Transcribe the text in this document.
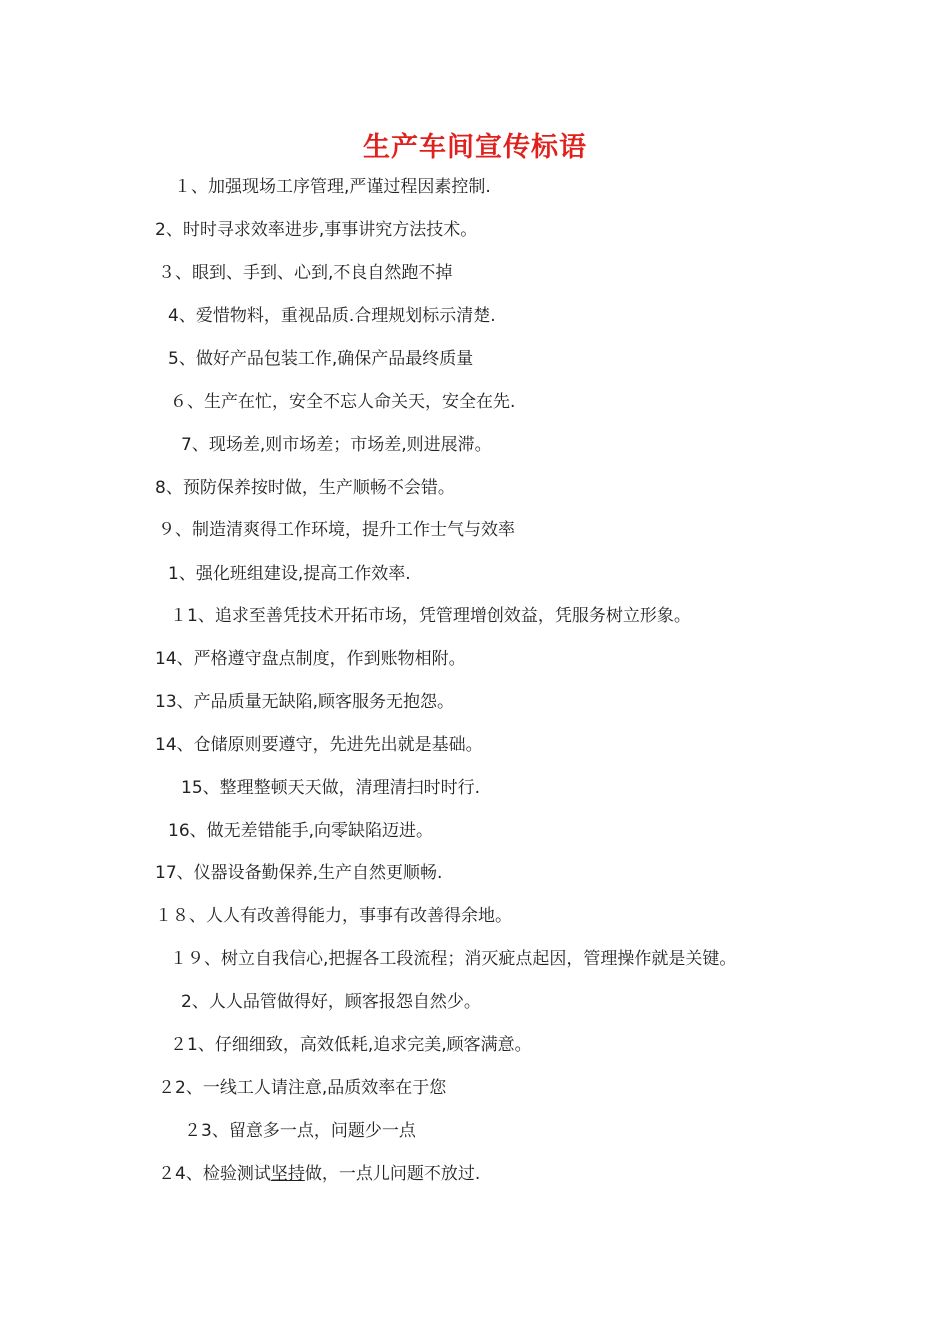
生产车间宣传标语
１、加强现场工序管理,严谨过程因素控制.
2、时时寻求效率进步,事事讲究方法技术。
３、眼到、手到、心到,不良自然跑不掉
4、爱惜物料，重视品质.合理规划标示清楚.
5、做好产品包装工作,确保产品最终质量
６、生产在忙，安全不忘人命关天，安全在先.
7、现场差,则市场差；市场差,则进展滞。
8、预防保养按时做，生产顺畅不会错。
９、制造清爽得工作环境，提升工作士气与效率
1、强化班组建设,提高工作效率.
１1、追求至善凭技术开拓市场，凭管理增创效益，凭服务树立形象。
14、严格遵守盘点制度，作到账物相附。
13、产品质量无缺陷,顾客服务无抱怨。
14、仓储原则要遵守，先进先出就是基础。
15、整理整顿天天做，清理清扫时时行.
16、做无差错能手,向零缺陷迈进。
17、仪器设备勤保养,生产自然更顺畅.
１８、人人有改善得能力，事事有改善得余地。
１９、树立自我信心,把握各工段流程；消灭疵点起因，管理操作就是关键。
2、人人品管做得好，顾客报怨自然少。
２1、仔细细致，高效低耗,追求完美,顾客满意。
２2、一线工人请注意,品质效率在于您
２3、留意多一点，问题少一点
２4、检验测试坚持做，一点儿问题不放过.
